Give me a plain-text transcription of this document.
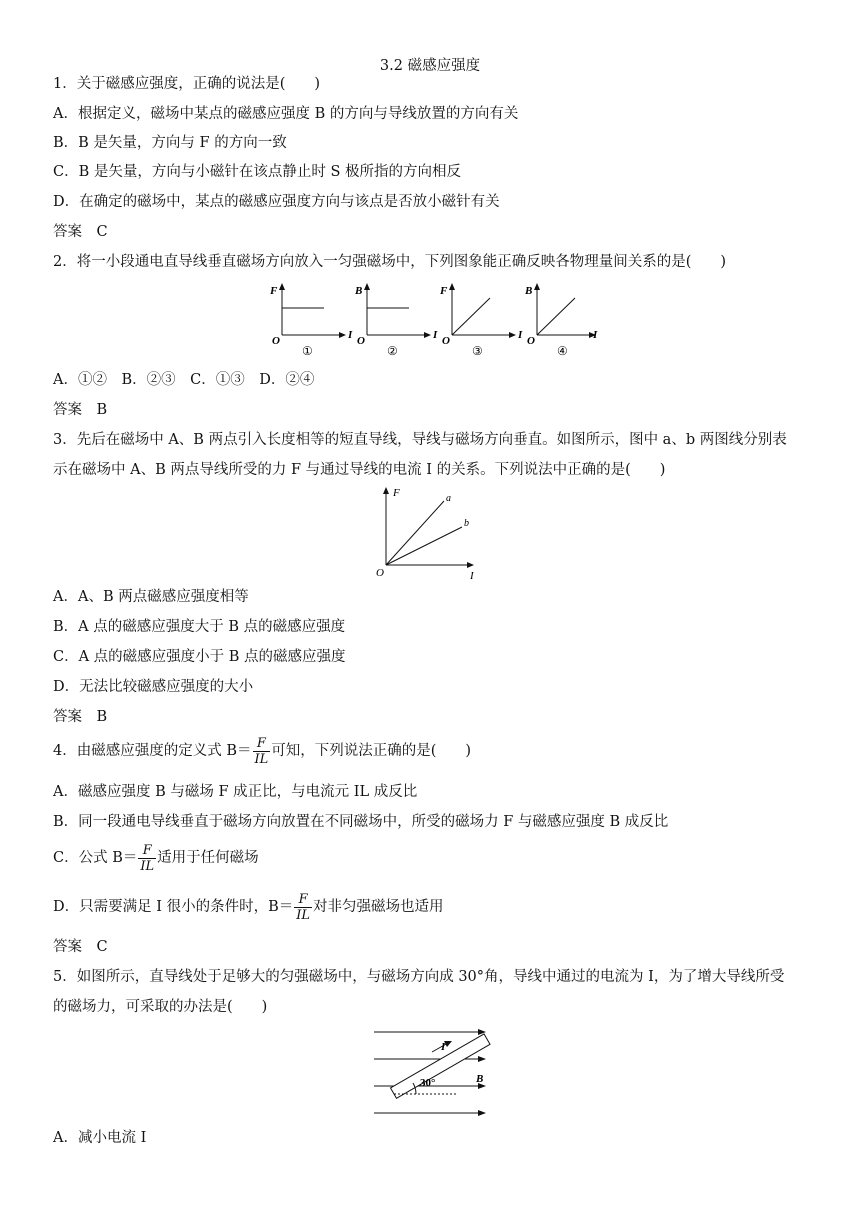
3.2 磁感应强度
1．关于磁感应强度，正确的说法是(　　)
A．根据定义，磁场中某点的磁感应强度 B 的方向与导线放置的方向有关
B．B 是矢量，方向与 F 的方向一致
C．B 是矢量，方向与小磁针在该点静止时 S 极所指的方向相反
D．在确定的磁场中，某点的磁感应强度方向与该点是否放小磁针有关
答案　C
2．将一小段通电直导线垂直磁场方向放入一匀强磁场中，下列图象能正确反映各物理量间关系的是(　　)
F
I
O
①
B
I
O
②
F
I
O
③
B
I
O
④
A．①②　B．②③　C．①③　D．②④
答案　B
3．先后在磁场中 A、B 两点引入长度相等的短直导线，导线与磁场方向垂直。如图所示，图中 a、b 两图线分别表
示在磁场中 A、B 两点导线所受的力 F 与通过导线的电流 I 的关系。下列说法中正确的是(　　)
F
I
O
a
b
A．A、B 两点磁感应强度相等
B．A 点的磁感应强度大于 B 点的磁感应强度
C．A 点的磁感应强度小于 B 点的磁感应强度
D．无法比较磁感应强度的大小
答案　B
4．由磁感应强度的定义式 $B= \frac{F}{IL}$ 可知，下列说法正确的是(　　)
A．磁感应强度 B 与磁场 F 成正比，与电流元 IL 成反比
B．同一段通电导线垂直于磁场方向放置在不同磁场中，所受的磁场力 F 与磁感应强度 B 成反比
C．公式 $B= \frac{F}{IL}$ 适用于任何磁场
D．只需要满足 I 很小的条件时，$B= \frac{F}{IL}$ 对非匀强磁场也适用
答案　C
5．如图所示，直导线处于足够大的匀强磁场中，与磁场方向成 30°角，导线中通过的电流为 I，为了增大导线所受
的磁场力，可采取的办法是(　　)
I
B
30°
A．减小电流 I
